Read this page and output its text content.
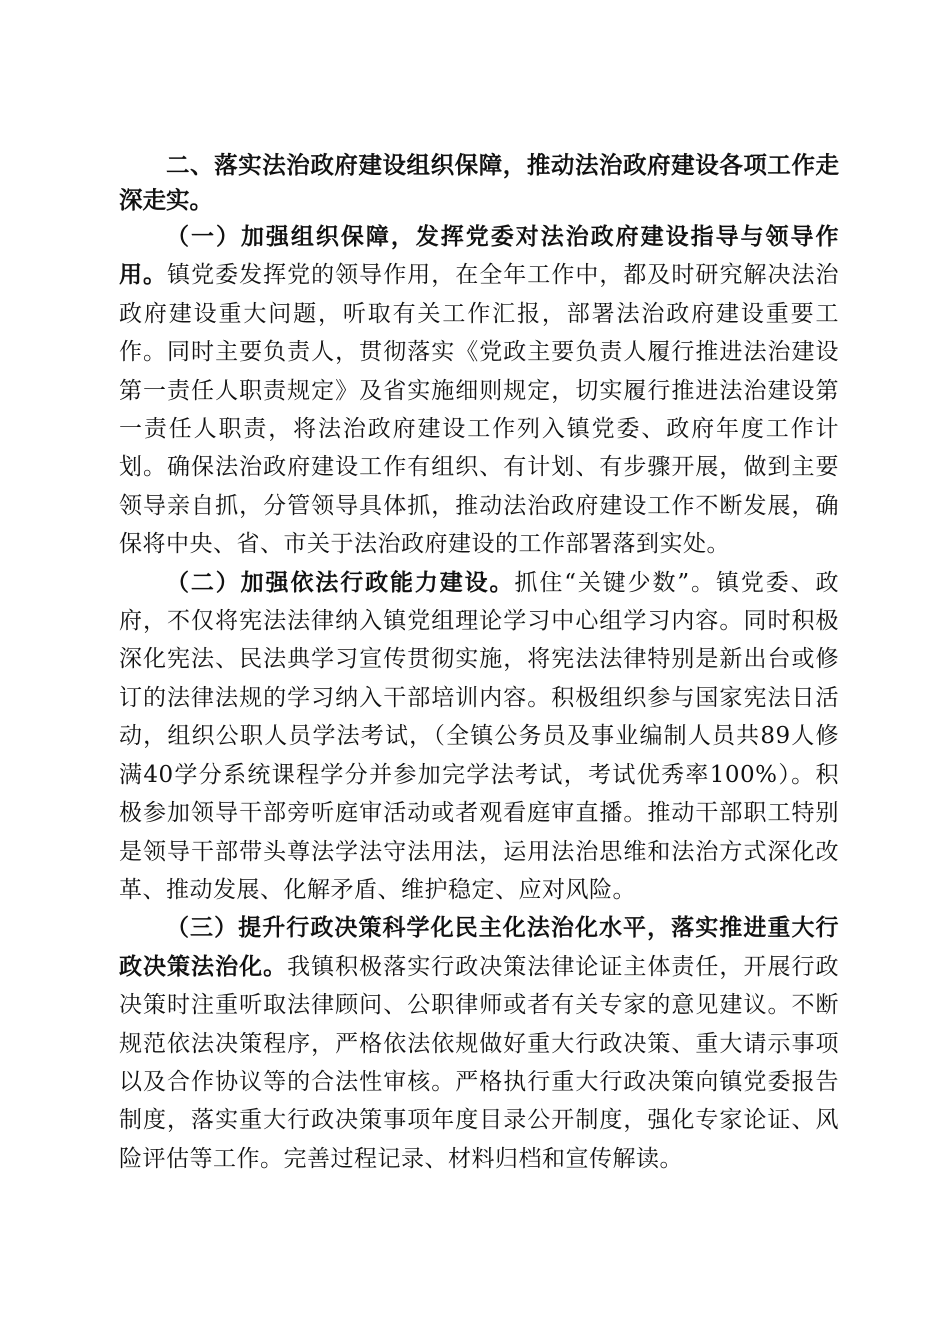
二、落实法治政府建设组织保障，推动法治政府建设各项工作走深走实。

（一）加强组织保障，发挥党委对法治政府建设指导与领导作用。镇党委发挥党的领导作用，在全年工作中，都及时研究解决法治政府建设重大问题，听取有关工作汇报，部署法治政府建设重要工作。同时主要负责人，贯彻落实《党政主要负责人履行推进法治建设第一责任人职责规定》及省实施细则规定，切实履行推进法治建设第一责任人职责，将法治政府建设工作列入镇党委、政府年度工作计划。确保法治政府建设工作有组织、有计划、有步骤开展，做到主要领导亲自抓，分管领导具体抓，推动法治政府建设工作不断发展，确保将中央、省、市关于法治政府建设的工作部署落到实处。

（二）加强依法行政能力建设。抓住“关键少数”。镇党委、政府，不仅将宪法法律纳入镇党组理论学习中心组学习内容。同时积极深化宪法、民法典学习宣传贯彻实施，将宪法法律特别是新出台或修订的法律法规的学习纳入干部培训内容。积极组织参与国家宪法日活动，组织公职人员学法考试，（全镇公务员及事业编制人员共89人修满40学分系统课程学分并参加完学法考试，考试优秀率100%）。积极参加领导干部旁听庭审活动或者观看庭审直播。推动干部职工特别是领导干部带头尊法学法守法用法，运用法治思维和法治方式深化改革、推动发展、化解矛盾、维护稳定、应对风险。

（三）提升行政决策科学化民主化法治化水平，落实推进重大行政决策法治化。我镇积极落实行政决策法律论证主体责任，开展行政决策时注重听取法律顾问、公职律师或者有关专家的意见建议。不断规范依法决策程序，严格依法依规做好重大行政决策、重大请示事项以及合作协议等的合法性审核。严格执行重大行政决策向镇党委报告制度，落实重大行政决策事项年度目录公开制度，强化专家论证、风险评估等工作。完善过程记录、材料归档和宣传解读。
